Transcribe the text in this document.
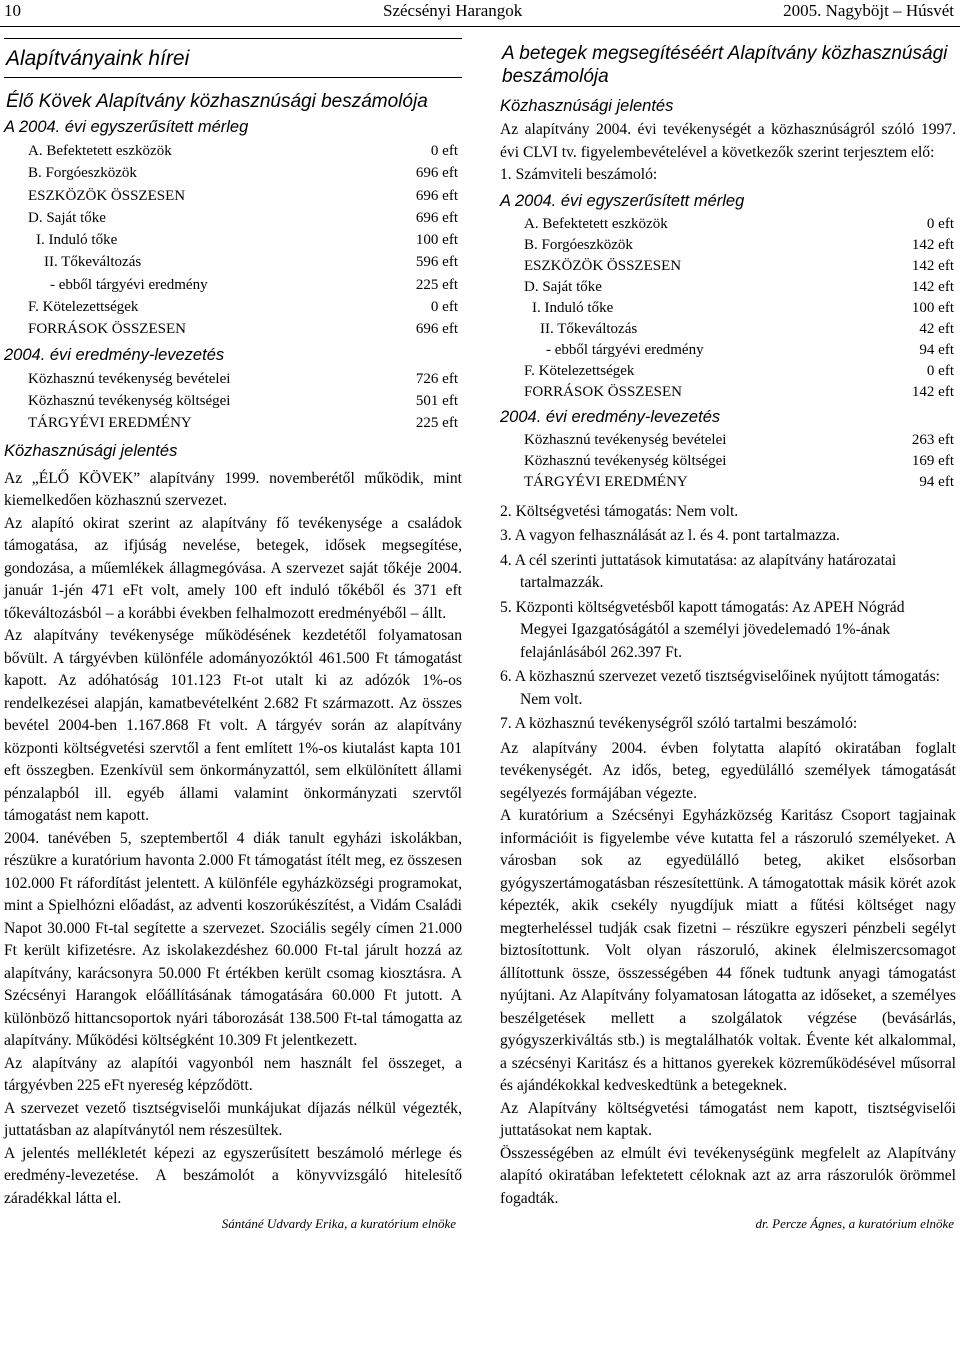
10	Szécsényi Harangok	2005. Nagyböjt – Húsvét
Alapítványaink hírei
Élő Kövek Alapítvány közhasznúsági beszámolója
A 2004. évi egyszerűsített mérleg
A. Befektetett eszközök	0 eft
B. Forgóeszközök	696 eft
ESZKÖZÖK ÖSSZESEN	696 eft
D. Saját tőke	696 eft
I. Induló tőke	100 eft
II. Tőkeváltozás	596 eft
- ebből tárgyévi eredmény	225 eft
F. Kötelezettségek	0 eft
FORRÁSOK ÖSSZESEN	696 eft
2004. évi eredmény-levezetés
Közhasznú tevékenység bevételei	726 eft
Közhasznú tevékenység költségei	501 eft
TÁRGYÉVI EREDMÉNY	225 eft
Közhasznúsági jelentés

Az „ÉLŐ KÖVEK” alapítvány 1999. novemberétől működik, mint kiemelkedően közhasznú szervezet.

Az alapító okirat szerint az alapítvány fő tevékenysége a családok támogatása, az ifjúság nevelése, betegek, idősek megsegítése, gondozása, a műemlékek állagmegóvása. A szervezet saját tőkéje 2004. január 1-jén 471 eFt volt, amely 100 eft induló tőkéből és 371 eft tőkeváltozásból – a korábbi években felhalmozott eredményéből – állt.

Az alapítvány tevékenysége működésének kezdetétől folyamatosan bővült. A tárgyévben különféle adományozóktól 461.500 Ft támogatást kapott. Az adóhatóság 101.123 Ft-ot utalt ki az adózók 1%-os rendelkezései alapján, kamatbevételként 2.682 Ft származott. Az összes bevétel 2004-ben 1.167.868 Ft volt. A tárgyév során az alapítvány központi költségvetési szervtől a fent említett 1%-os kiutalást kapta 101 eft összegben. Ezenkívül sem önkormányzattól, sem elkülönített állami pénzalapból ill. egyéb állami valamint önkormányzati szervtől támogatást nem kapott.

2004. tanévében 5, szeptembertől 4 diák tanult egyházi iskolákban, részükre a kuratórium havonta 2.000 Ft támogatást ítélt meg, ez összesen 102.000 Ft ráfordítást jelentett. A különféle egyházközségi programokat, mint a Spielhózni előadást, az adventi koszorúkészítést, a Vidám Családi Napot 30.000 Ft-tal segítette a szervezet. Szociális segély címen 21.000 Ft került kifizetésre. Az iskolakezdéshez 60.000 Ft-tal járult hozzá az alapítvány, karácsonyra 50.000 Ft értékben került csomag kiosztásra. A Szécsényi Harangok előállításának támogatására 60.000 Ft jutott. A különböző hittancsoportok nyári táborozását 138.500 Ft-tal támogatta az alapítvány. Működési költségként 10.309 Ft jelentkezett.

Az alapítvány az alapítói vagyonból nem használt fel összeget, a tárgyévben 225 eFt nyereség képződött.

A szervezet vezető tisztségviselői munkájukat díjazás nélkül végezték, juttatásban az alapítványtól nem részesültek.

A jelentés mellékletét képezi az egyszerűsített beszámoló mérlege és eredmény-levezetése. A beszámolót a könyvvizsgáló hitelesítő záradékkal látta el.

Sántáné Udvardy Erika, a kuratórium elnöke
A betegek megsegítéséért Alapítvány közhasznúsági beszámolója
Közhasznúsági jelentés

Az alapítvány 2004. évi tevékenységét a közhasznúságról szóló 1997. évi CLVI tv. figyelembevételével a következők szerint terjesztem elő:

1. Számviteli beszámoló:

A 2004. évi egyszerűsített mérleg
A. Befektetett eszközök	0 eft
B. Forgóeszközök	142 eft
ESZKÖZÖK ÖSSZESEN	142 eft
D. Saját tőke	142 eft
I. Induló tőke	100 eft
II. Tőkeváltozás	42 eft
- ebből tárgyévi eredmény	94 eft
F. Kötelezettségek	0 eft
FORRÁSOK ÖSSZESEN	142 eft
2004. évi eredmény-levezetés
Közhasznú tevékenység bevételei	263 eft
Közhasznú tevékenység költségei	169 eft
TÁRGYÉVI EREDMÉNY	94 eft
2. Költségvetési támogatás: Nem volt.
3. A vagyon felhasználását az l. és 4. pont tartalmazza.
4. A cél szerinti juttatások kimutatása: az alapítvány határozatai tartalmazzák.
5. Központi költségvetésből kapott támogatás: Az APEH Nógrád Megyei Igazgatóságától a személyi jövedelemadó 1%-ának felajánlásából 262.397 Ft.
6. A közhasznú szervezet vezető tisztségviselőinek nyújtott támogatás: Nem volt.
7. A közhasznú tevékenységről szóló tartalmi beszámoló:

Az alapítvány 2004. évben folytatta alapító okiratában foglalt tevékenységét. Az idős, beteg, egyedülálló személyek támogatását segélyezés formájában végezte.

A kuratórium a Szécsényi Egyházközség Karitász Csoport tagjainak információit is figyelembe véve kutatta fel a rászoruló személyeket. A városban sok az egyedülálló beteg, akiket elsősorban gyógyszertámogatásban részesítettünk. A támogatottak másik körét azok képezték, akik csekély nyugdíjuk miatt a fűtési költséget nagy megterheléssel tudják csak fizetni – részükre egyszeri pénzbeli segélyt biztosítottunk. Volt olyan rászoruló, akinek élelmiszercsomagot állítottunk össze, összességében 44 főnek tudtunk anyagi támogatást nyújtani. Az Alapítvány folyamatosan látogatta az időseket, a személyes beszélgetések mellett a szolgálatok végzése (bevásárlás, gyógyszerkiváltás stb.) is megtalálhatók voltak. Évente két alkalommal, a szécsényi Karitász és a hittanos gyerekek közreműködésével műsorral és ajándékokkal kedveskedtünk a betegeknek.

Az Alapítvány költségvetési támogatást nem kapott, tisztségviselői juttatásokat nem kaptak.

Összességében az elmúlt évi tevékenységünk megfelelt az Alapítvány alapító okiratában lefektetett céloknak azt az arra rászorulók örömmel fogadták.

dr. Percze Ágnes, a kuratórium elnöke
